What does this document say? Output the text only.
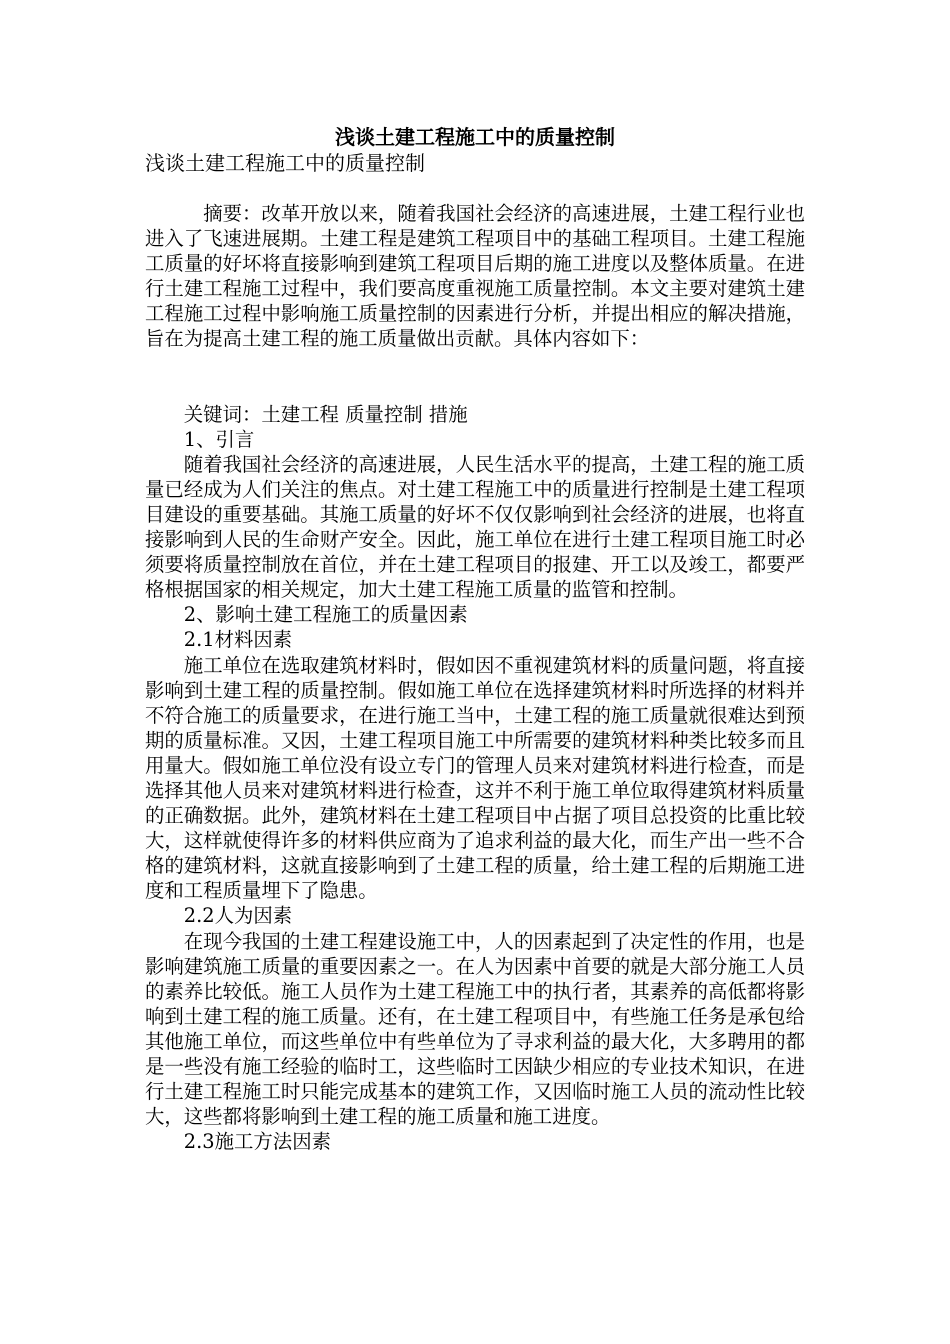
浅谈土建工程施工中的质量控制
浅谈土建工程施工中的质量控制

摘要：改革开放以来，随着我国社会经济的高速进展，土建工程行业也进入了飞速进展期。土建工程是建筑工程项目中的基础工程项目。土建工程施工质量的好坏将直接影响到建筑工程项目后期的施工进度以及整体质量。在进行土建工程施工过程中，我们要高度重视施工质量控制。本文主要对建筑土建工程施工过程中影响施工质量控制的因素进行分析，并提出相应的解决措施，旨在为提高土建工程的施工质量做出贡献。具体内容如下：

关键词：土建工程 质量控制 措施

1、引言

随着我国社会经济的高速进展，人民生活水平的提高，土建工程的施工质量已经成为人们关注的焦点。对土建工程施工中的质量进行控制是土建工程项目建设的重要基础。其施工质量的好坏不仅仅影响到社会经济的进展，也将直接影响到人民的生命财产安全。因此，施工单位在进行土建工程项目施工时必须要将质量控制放在首位，并在土建工程项目的报建、开工以及竣工，都要严格根据国家的相关规定，加大土建工程施工质量的监管和控制。

2、影响土建工程施工的质量因素

2.1材料因素

施工单位在选取建筑材料时，假如因不重视建筑材料的质量问题，将直接影响到土建工程的质量控制。假如施工单位在选择建筑材料时所选择的材料并不符合施工的质量要求，在进行施工当中，土建工程的施工质量就很难达到预期的质量标准。又因，土建工程项目施工中所需要的建筑材料种类比较多而且用量大。假如施工单位没有设立专门的管理人员来对建筑材料进行检查，而是选择其他人员来对建筑材料进行检查，这并不利于施工单位取得建筑材料质量的正确数据。此外，建筑材料在土建工程项目中占据了项目总投资的比重比较大，这样就使得许多的材料供应商为了追求利益的最大化，而生产出一些不合格的建筑材料，这就直接影响到了土建工程的质量，给土建工程的后期施工进度和工程质量埋下了隐患。

2.2人为因素

在现今我国的土建工程建设施工中，人的因素起到了决定性的作用，也是影响建筑施工质量的重要因素之一。在人为因素中首要的就是大部分施工人员的素养比较低。施工人员作为土建工程施工中的执行者，其素养的高低都将影响到土建工程的施工质量。还有，在土建工程项目中，有些施工任务是承包给其他施工单位，而这些单位中有些单位为了寻求利益的最大化，大多聘用的都是一些没有施工经验的临时工，这些临时工因缺少相应的专业技术知识，在进行土建工程施工时只能完成基本的建筑工作，又因临时施工人员的流动性比较大，这些都将影响到土建工程的施工质量和施工进度。

2.3施工方法因素
